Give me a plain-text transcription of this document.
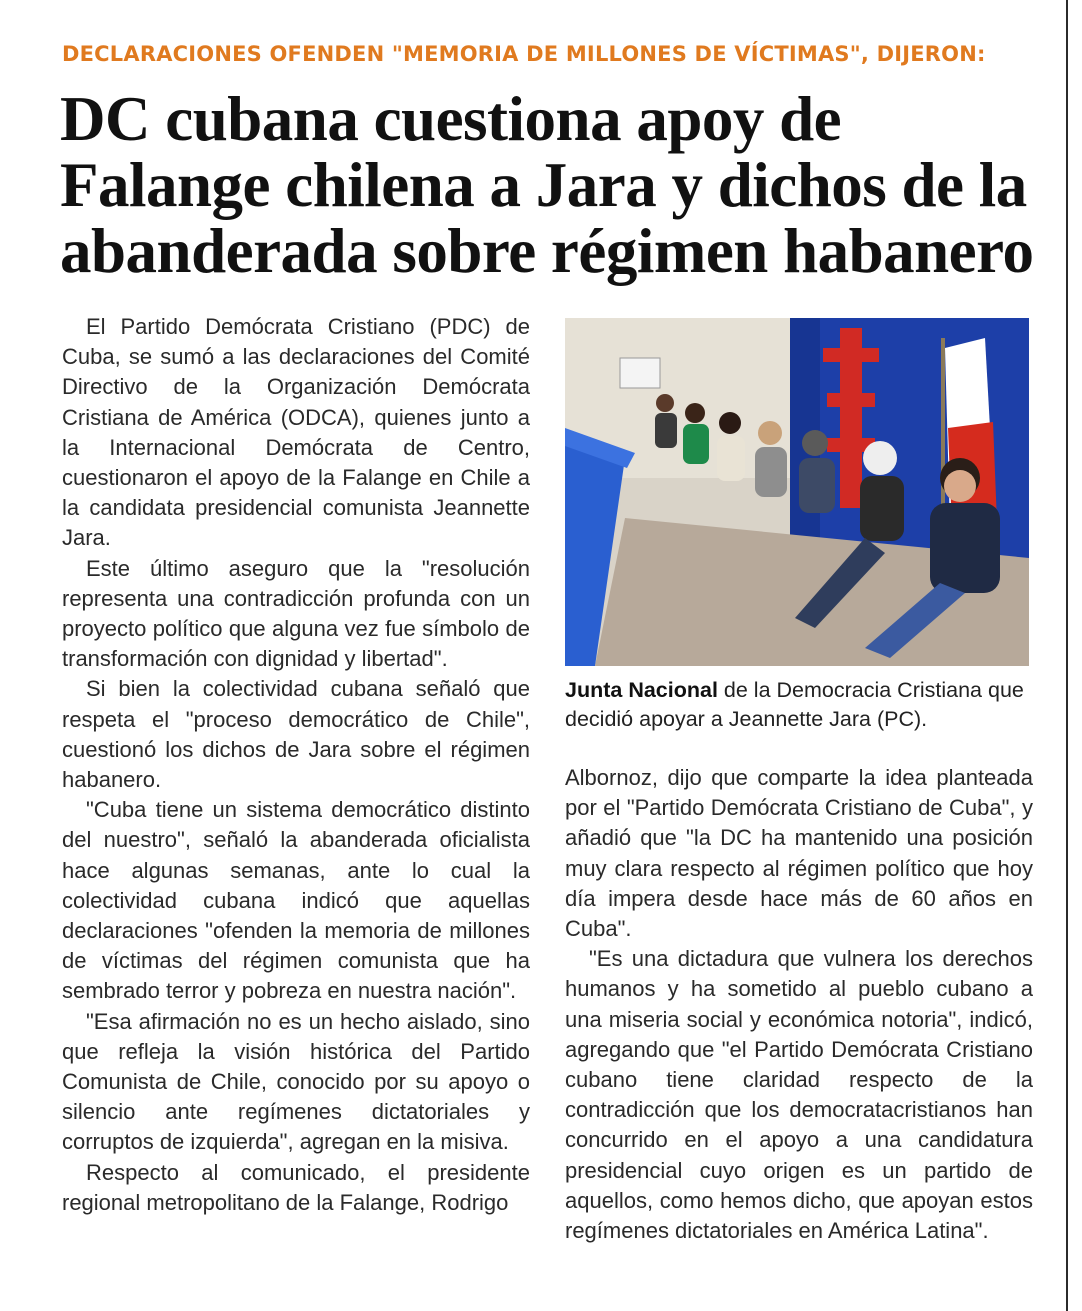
DECLARACIONES OFENDEN "MEMORIA DE MILLONES DE VÍCTIMAS", DIJERON:
DC cubana cuestiona apoy de Falange chilena a Jara y dichos de la abanderada sobre régimen habanero

El Partido Demócrata Cristiano (PDC) de Cuba, se sumó a las declaraciones del Comité Directivo de la Organización Demócrata Cristiana de América (ODCA), quienes junto a la Internacional Demócrata de Centro, cuestionaron el apoyo de la Falange en Chile a la candidata presidencial comunista Jeannette Jara.

Este último aseguro que la "resolución representa una contradicción profunda con un proyecto político que alguna vez fue símbolo de transformación con dignidad y libertad".

Si bien la colectividad cubana señaló que respeta el "proceso democrático de Chile", cuestionó los dichos de Jara sobre el régimen habanero.

"Cuba tiene un sistema democrático distinto del nuestro", señaló la abanderada oficialista hace algunas semanas, ante lo cual la colectividad cubana indicó que aquellas declaraciones "ofenden la memoria de millones de víctimas del régimen comunista que ha sembrado terror y pobreza en nuestra nación".

"Esa afirmación no es un hecho aislado, sino que refleja la visión histórica del Partido Comunista de Chile, conocido por su apoyo o silencio ante regímenes dictatoriales y corruptos de izquierda", agregan en la misiva.

Respecto al comunicado, el presidente regional metropolitano de la Falange, Rodrigo

Junta Nacional de la Democracia Cristiana que decidió apoyar a Jeannette Jara (PC).

Albornoz, dijo que comparte la idea planteada por el "Partido Demócrata Cristiano de Cuba", y añadió que "la DC ha mantenido una posición muy clara respecto al régimen político que hoy día impera desde hace más de 60 años en Cuba".

"Es una dictadura que vulnera los derechos humanos y ha sometido al pueblo cubano a una miseria social y económica notoria", indicó, agregando que "el Partido Demócrata Cristiano cubano tiene claridad respecto de la contradicción que los democratacristianos han concurrido en el apoyo a una candidatura presidencial cuyo origen es un partido de aquellos, como hemos dicho, que apoyan estos regímenes dictatoriales en América Latina".
